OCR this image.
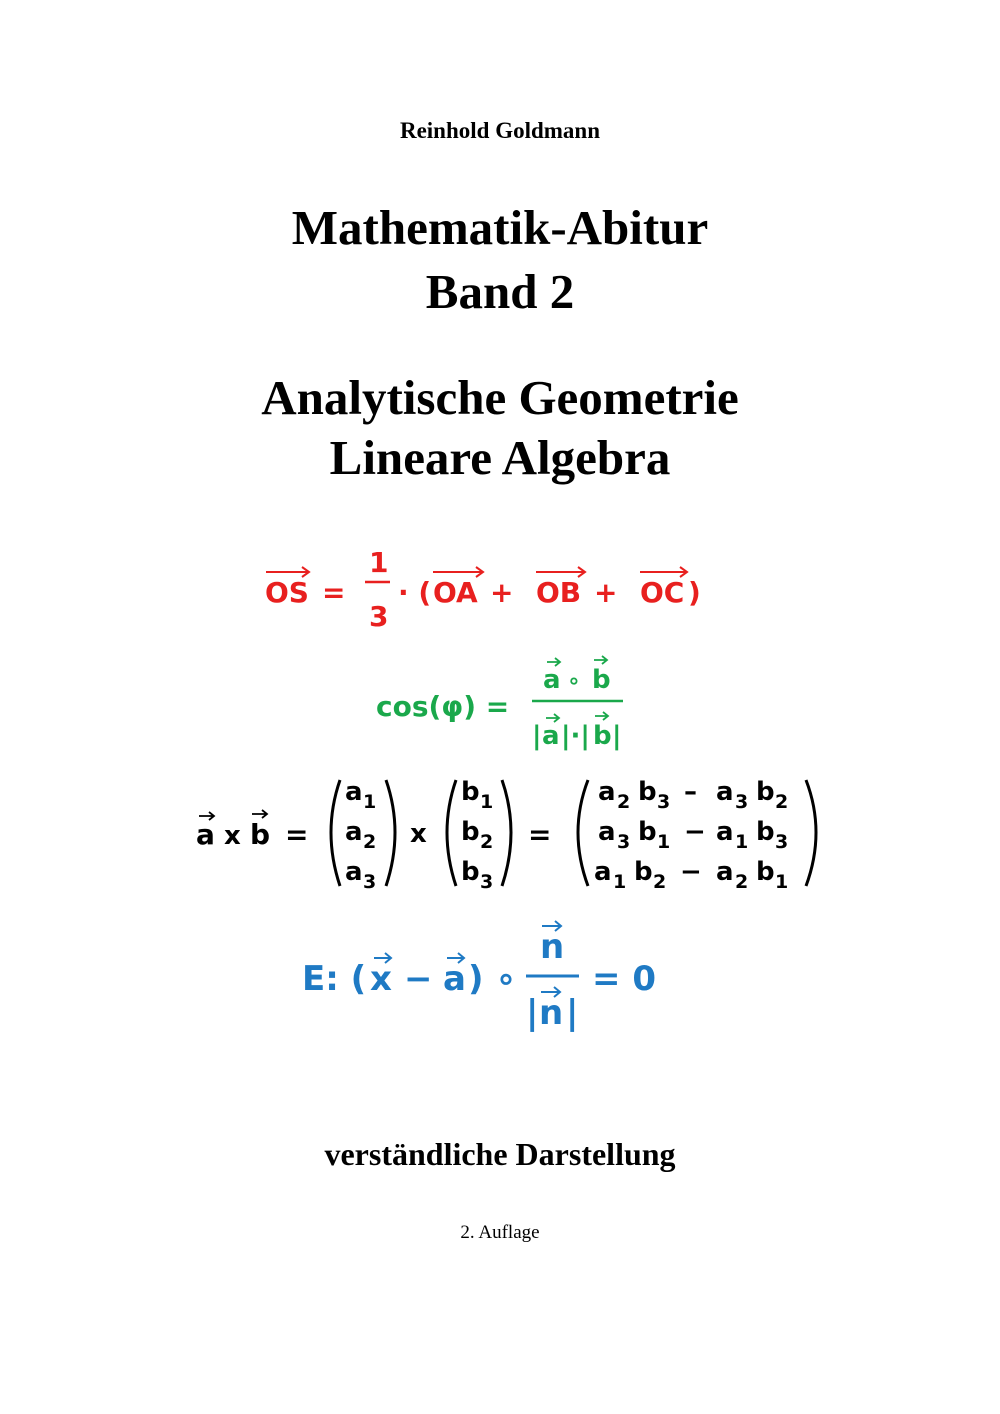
Reinhold Goldmann
Mathematik-Abitur
Band 2
Analytische Geometrie
Lineare Algebra
OS =
1
3
· ( OA + OB + OC )
cos(φ) =
a ∘ b
| a |·| b |
a x b =
a 1
a 2
a 3
x
b 1
b 2
b 3
=
a 2 b 3 – a 3 b 2
a 3 b 1 − a 1 b 3
a 1 b 2 − a 2 b 1
E: ( x − a ) ∘
n
| n |
= 0
verständliche Darstellung
2. Auflage
